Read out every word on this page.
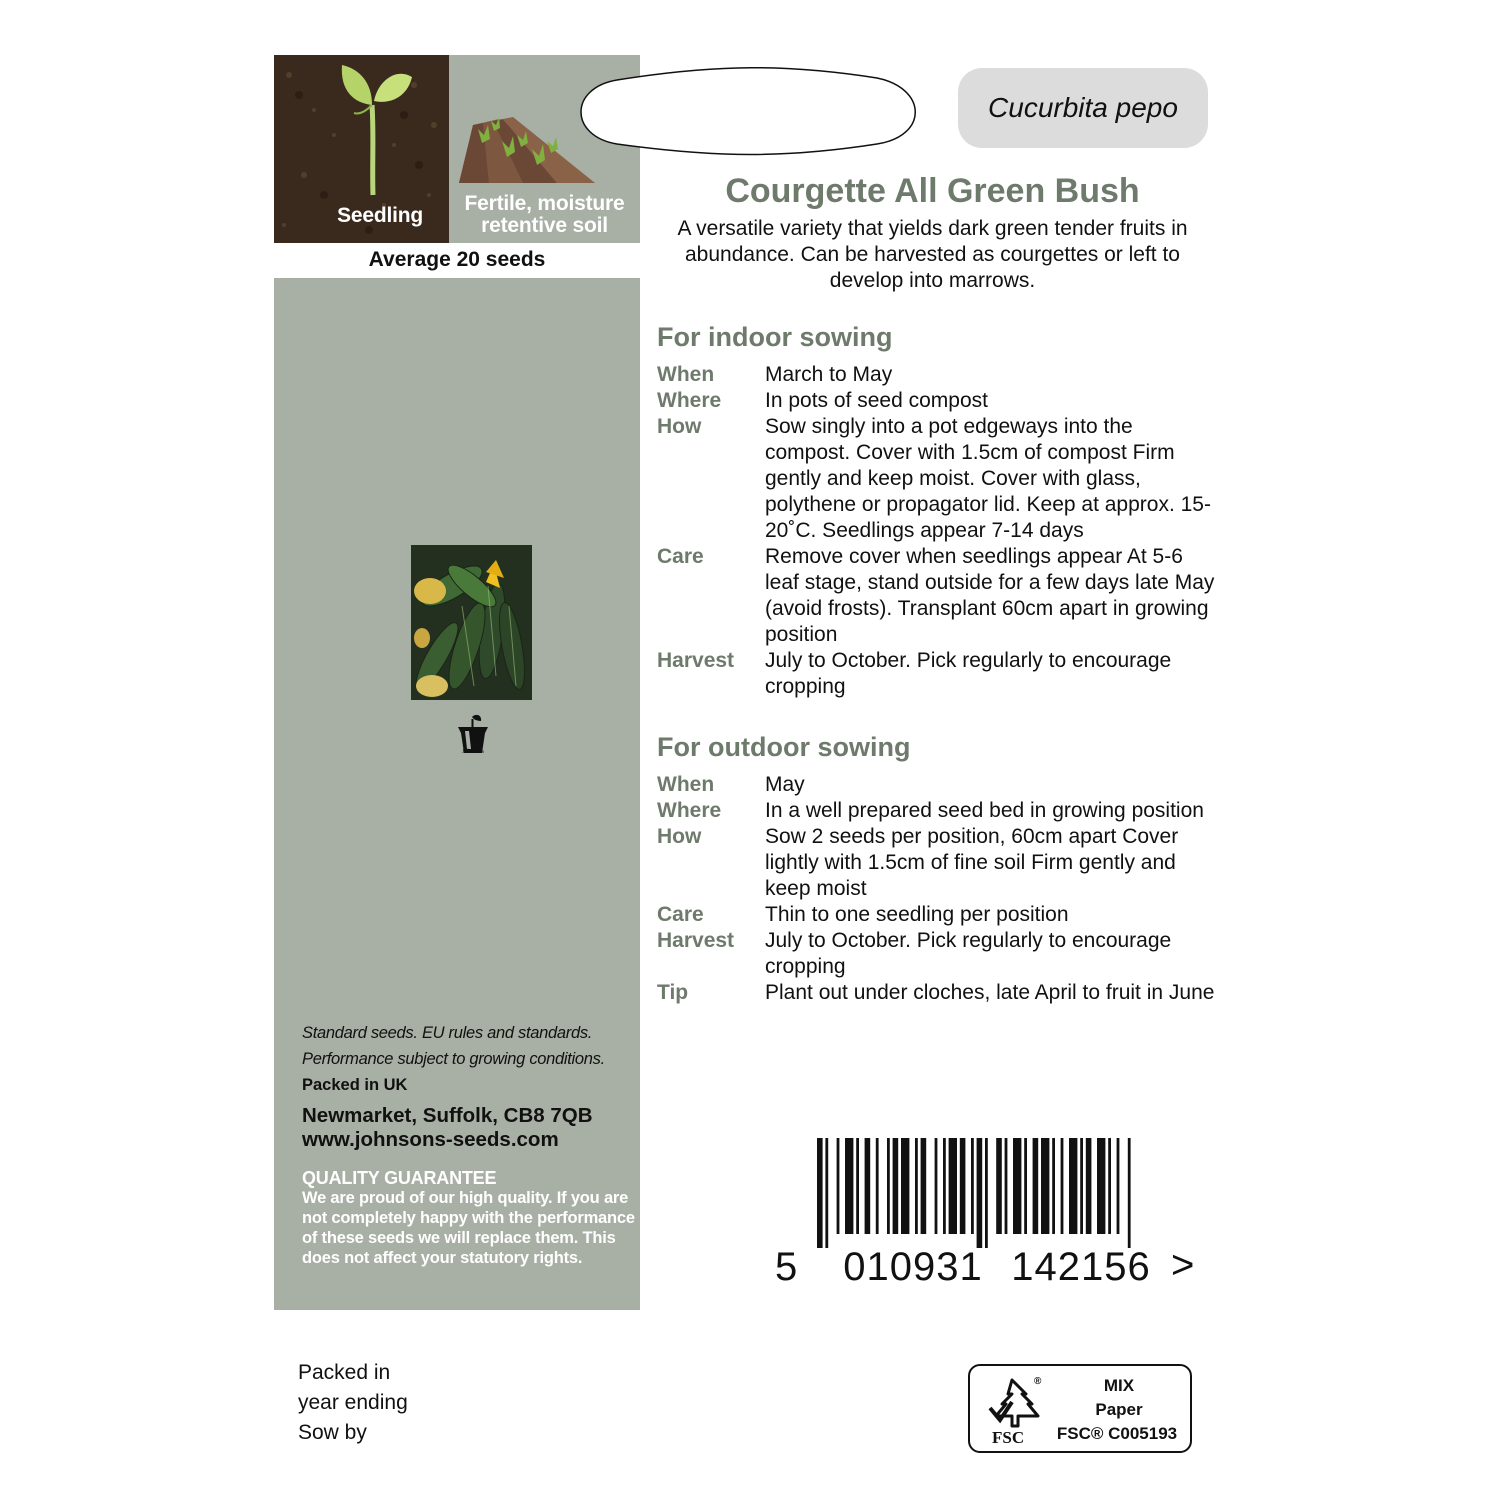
Seedling
Fertile, moisture
retentive soil
Average 20 seeds
Johnsons
Standard seeds. EU rules and standards.
Performance subject to growing conditions.
Packed in UK
Newmarket, Suffolk, CB8 7QB
www.johnsons-seeds.com
QUALITY GUARANTEE
We are proud of our high quality. If you are not completely happy with the performance of these seeds we will replace them. This does not affect your statutory rights.
Packed in
year ending
Sow by
Cucurbita pepo
Courgette All Green Bush
A versatile variety that yields dark green tender fruits in abundance. Can be harvested as courgettes or left to develop into marrows.
For indoor sowing
When	March to May
Where	In pots of seed compost
How	Sow singly into a pot edgeways into the compost. Cover with 1.5cm of compost Firm gently and keep moist. Cover with glass, polythene or propagator lid. Keep at approx. 15-20˚C. Seedlings appear 7-14 days
Care	Remove cover when seedlings appear At 5-6 leaf stage, stand outside for a few days late May (avoid frosts). Transplant 60cm apart in growing position
Harvest	July to October. Pick regularly to encourage cropping
For outdoor sowing
When	May
Where	In a well prepared seed bed in growing position
How	Sow 2 seeds per position, 60cm apart Cover lightly with 1.5cm of fine soil Firm gently and keep moist
Care	Thin to one seedling per position
Harvest	July to October. Pick regularly to encourage cropping
Tip	Plant out under cloches, late April to fruit in June
5 010931 142156 >
®
FSC
MIX
Paper
FSC® C005193
